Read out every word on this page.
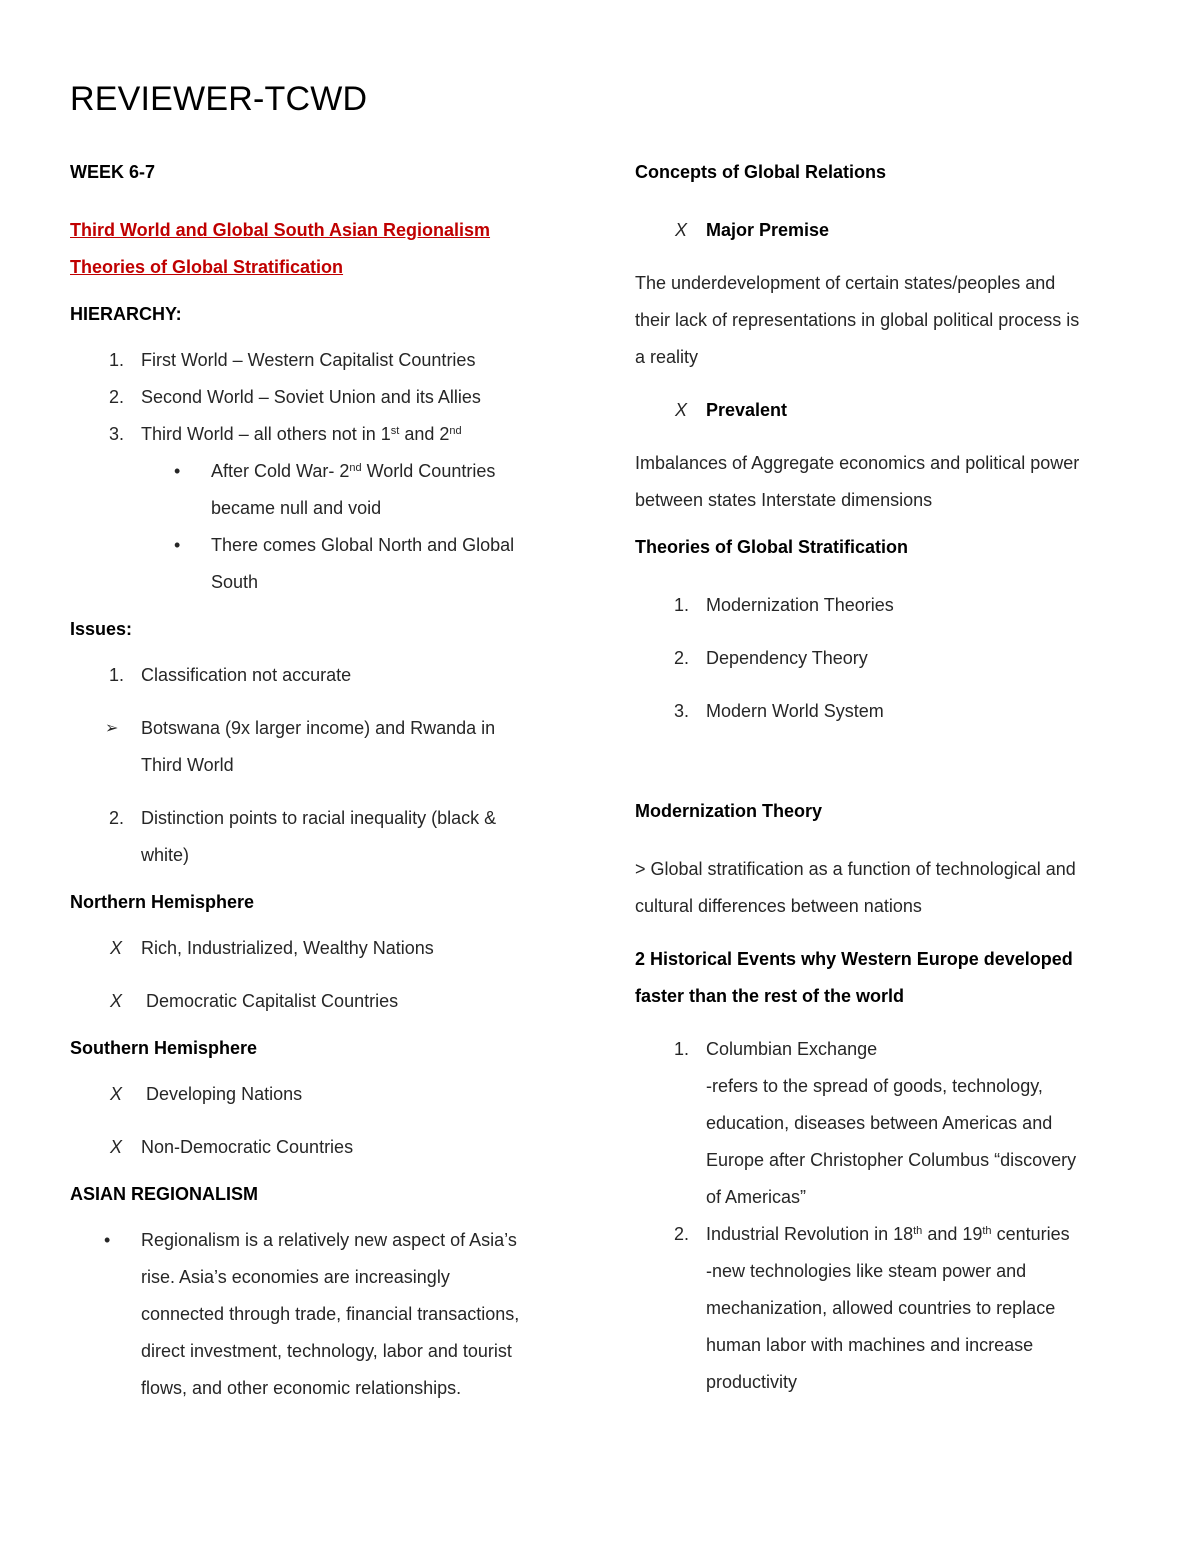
REVIEWER-TCWD

WEEK 6-7

Third World and Global South Asian Regionalism

Theories of Global Stratification

HIERARCHY:

1. First World – Western Capitalist Countries
2. Second World – Soviet Union and its Allies
3. Third World – all others not in 1st and 2nd
• After Cold War- 2nd World Countries
became null and void
• There comes Global North and Global
South

Issues:

1. Classification not accurate
➢ Botswana (9x larger income) and Rwanda in
Third World
2. Distinction points to racial inequality (black &
white)

Northern Hemisphere

X Rich, Industrialized, Wealthy Nations
X Democratic Capitalist Countries

Southern Hemisphere

X Developing Nations
X Non-Democratic Countries

ASIAN REGIONALISM

• Regionalism is a relatively new aspect of Asia’s
rise. Asia’s economies are increasingly
connected through trade, financial transactions,
direct investment, technology, labor and tourist
flows, and other economic relationships.

Concepts of Global Relations

X Major Premise

The underdevelopment of certain states/peoples and

their lack of representations in global political process is

a reality

X Prevalent

Imbalances of Aggregate economics and political power

between states Interstate dimensions

Theories of Global Stratification

1. Modernization Theories
2. Dependency Theory
3. Modern World System

Modernization Theory

> Global stratification as a function of technological and

cultural differences between nations

2 Historical Events why Western Europe developed

faster than the rest of the world

1. Columbian Exchange
-refers to the spread of goods, technology,
education, diseases between Americas and
Europe after Christopher Columbus “discovery
of Americas”
2. Industrial Revolution in 18th and 19th centuries
-new technologies like steam power and
mechanization, allowed countries to replace
human labor with machines and increase
productivity
